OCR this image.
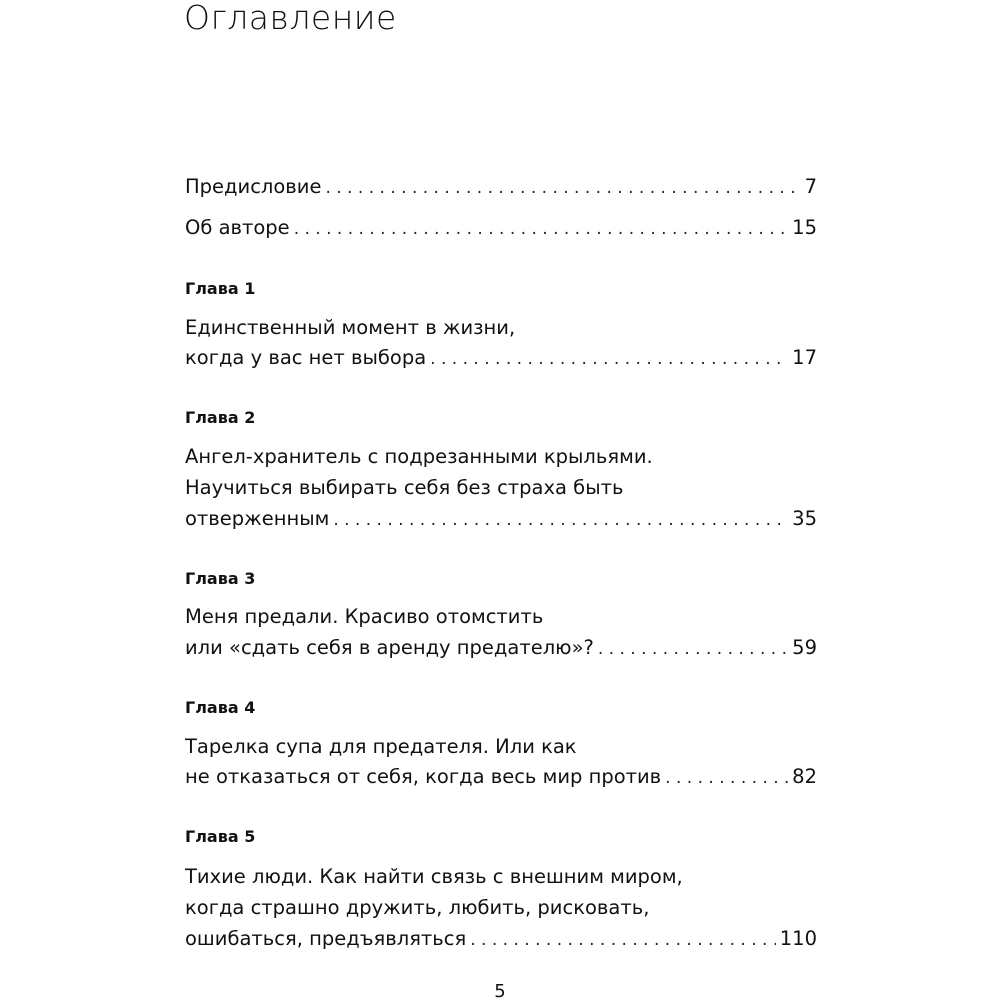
Оглавление
Предисловие . . .	7
Об авторе . . .	15
Глава 1
Единственный момент в жизни,
когда у вас нет выбора . . .	17
Глава 2
Ангел-хранитель с подрезанными крыльями.
Научиться выбирать себя без страха быть
отверженным . . .	35
Глава 3
Меня предали. Красиво отомстить
или «сдать себя в аренду предателю»? . . .	59
Глава 4
Тарелка супа для предателя. Или как
не отказаться от себя, когда весь мир против . . .	82
Глава 5
Тихие люди. Как найти связь с внешним миром,
когда страшно дружить, любить, рисковать,
ошибаться, предъявляться . . .	110
5
